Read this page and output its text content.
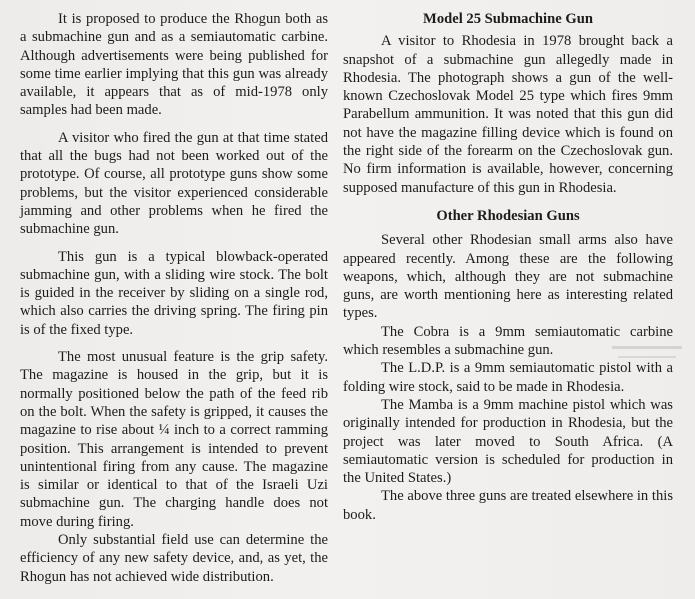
It is proposed to produce the Rhogun both as a submachine gun and as a semiautomatic carbine. Although advertisements were being published for some time earlier implying that this gun was already available, it appears that as of mid-1978 only samples had been made.

A visitor who fired the gun at that time stated that all the bugs had not been worked out of the prototype. Of course, all prototype guns show some problems, but the visitor experienced considerable jamming and other problems when he fired the submachine gun.

This gun is a typical blowback-operated submachine gun, with a sliding wire stock. The bolt is guided in the receiver by sliding on a single rod, which also carries the driving spring. The firing pin is of the fixed type.

The most unusual feature is the grip safety. The magazine is housed in the grip, but it is normally positioned below the path of the feed rib on the bolt. When the safety is gripped, it causes the magazine to rise about ¼ inch to a correct ramming position. This arrangement is intended to prevent unintentional firing from any cause. The magazine is similar or identical to that of the Israeli Uzi submachine gun. The charging handle does not move during firing.

Only substantial field use can determine the efficiency of any new safety device, and, as yet, the Rhogun has not achieved wide distribution.

Model 25 Submachine Gun

A visitor to Rhodesia in 1978 brought back a snapshot of a submachine gun allegedly made in Rhodesia. The photograph shows a gun of the well-known Czechoslovak Model 25 type which fires 9mm Parabellum ammunition. It was noted that this gun did not have the magazine filling device which is found on the right side of the forearm on the Czechoslovak gun. No firm information is available, however, concerning supposed manufacture of this gun in Rhodesia.

Other Rhodesian Guns

Several other Rhodesian small arms also have appeared recently. Among these are the following weapons, which, although they are not submachine guns, are worth mentioning here as interesting related types.

The Cobra is a 9mm semiautomatic carbine which resembles a submachine gun.

The L.D.P. is a 9mm semiautomatic pistol with a folding wire stock, said to be made in Rhodesia.

The Mamba is a 9mm machine pistol which was originally intended for production in Rhodesia, but the project was later moved to South Africa. (A semiautomatic version is scheduled for production in the United States.)

The above three guns are treated elsewhere in this book.
